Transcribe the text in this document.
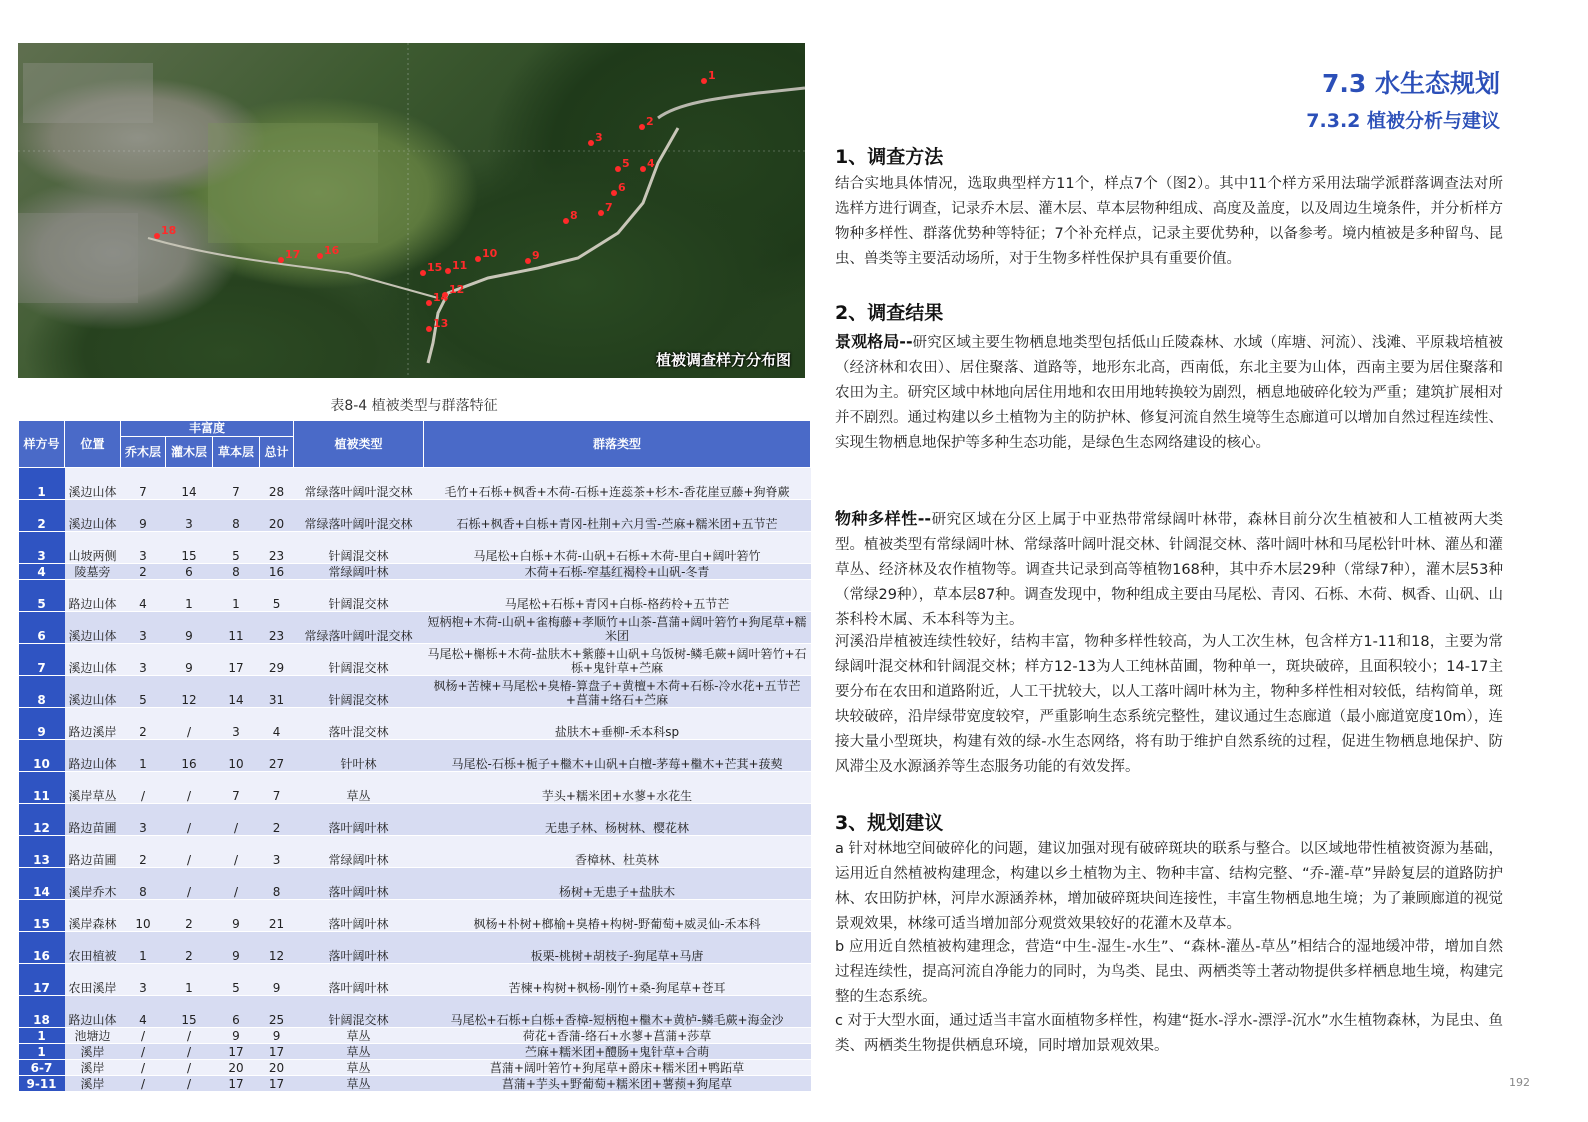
1
2
3
4
5
6
7
8
9
10
11
12
13
14
15
16
17
18
植被调查样方分布图
表8-4 植被类型与群落特征
样方号	位置	丰富度				植被类型	群落类型
		乔木层	灌木层	草本层	总计		
1	溪边山体	7	14	7	28	常绿落叶阔叶混交林	毛竹+石栎+枫香+木荷-石栎+连蕊茶+杉木-香花崖豆藤+狗脊蕨
2	溪边山体	9	3	8	20	常绿落叶阔叶混交林	石栎+枫香+白栎+青冈-杜荆+六月雪-苎麻+糯米团+五节芒
3	山坡两侧	3	15	5	23	针阔混交林	马尾松+白栎+木荷-山矾+石栎+木荷-里白+阔叶箬竹
4	陵墓旁	2	6	8	16	常绿阔叶林	木荷+石栎-窄基红褐柃+山矾-冬青
5	路边山体	4	1	1	5	针阔混交林	马尾松+石栎+青冈+白栎-格药柃+五节芒
6	溪边山体	3	9	11	23	常绿落叶阔叶混交林	短柄枹+木荷-山矾+雀梅藤+孝顺竹+山茶-菖蒲+阔叶箬竹+狗尾草+糯米团
7	溪边山体	3	9	17	29	针阔混交林	马尾松+槲栎+木荷-盐肤木+紫藤+山矾+乌饭树-鳞毛蕨+阔叶箬竹+石栎+鬼针草+苎麻
8	溪边山体	5	12	14	31	针阔混交林	枫杨+苦楝+马尾松+臭椿-算盘子+黄檀+木荷+石栎-冷水花+五节芒+菖蒲+络石+苎麻
9	路边溪岸	2	/	3	4	落叶混交林	盐肤木+垂柳-禾本科sp
10	路边山体	1	16	10	27	针叶林	马尾松-石栎+栀子+檵木+山矾+白檀-茅莓+檵木+芒萁+菝葜
11	溪岸草丛	/	/	7	7	草丛	芋头+糯米团+水蓼+水花生
12	路边苗圃	3	/	/	2	落叶阔叶林	无患子林、杨树林、樱花林
13	路边苗圃	2	/	/	3	常绿阔叶林	香樟林、杜英林
14	溪岸乔木	8	/	/	8	落叶阔叶林	杨树+无患子+盐肤木
15	溪岸森林	10	2	9	21	落叶阔叶林	枫杨+朴树+榔榆+臭椿+构树-野葡萄+威灵仙-禾本科
16	农田植被	1	2	9	12	落叶阔叶林	板栗-桃树+胡枝子-狗尾草+马唐
17	农田溪岸	3	1	5	9	落叶阔叶林	苦楝+构树+枫杨-刚竹+桑-狗尾草+苍耳
18	路边山体	4	15	6	25	针阔混交林	马尾松+石栎+白栎+香樟-短柄枹+檵木+黄栌-鳞毛蕨+海金沙
1	池塘边	/	/	9	9	草丛	荷花+香蒲-络石+水蓼+菖蒲+莎草
1	溪岸	/	/	17	17	草丛	苎麻+糯米团+醴肠+鬼针草+合萌
6-7	溪岸	/	/	20	20	草丛	菖蒲+阔叶箬竹+狗尾草+爵床+糯米团+鸭跖草
9-11	溪岸	/	/	17	17	草丛	菖蒲+芋头+野葡萄+糯米团+薯蓣+狗尾草
7.3 水生态规划
7.3.2 植被分析与建议
1、调查方法

结合实地具体情况，选取典型样方11个，样点7个（图2）。其中11个样方采用法瑞学派群落调查法对所选样方进行调查，记录乔木层、灌木层、草本层物种组成、高度及盖度，以及周边生境条件，并分析样方物种多样性、群落优势种等特征；7个补充样点，记录主要优势种，以备参考。境内植被是多种留鸟、昆虫、兽类等主要活动场所，对于生物多样性保护具有重要价值。

2、调查结果

景观格局--研究区域主要生物栖息地类型包括低山丘陵森林、水域（库塘、河流）、浅滩、平原栽培植被（经济林和农田）、居住聚落、道路等，地形东北高，西南低，东北主要为山体，西南主要为居住聚落和农田为主。研究区域中林地向居住用地和农田用地转换较为剧烈，栖息地破碎化较为严重；建筑扩展相对并不剧烈。通过构建以乡土植物为主的防护林、修复河流自然生境等生态廊道可以增加自然过程连续性、实现生物栖息地保护等多种生态功能，是绿色生态网络建设的核心。

物种多样性--研究区域在分区上属于中亚热带常绿阔叶林带，森林目前分次生植被和人工植被两大类型。植被类型有常绿阔叶林、常绿落叶阔叶混交林、针阔混交林、落叶阔叶林和马尾松针叶林、灌丛和灌草丛、经济林及农作植物等。调查共记录到高等植物168种，其中乔木层29种（常绿7种），灌木层53种（常绿29种），草本层87种。调查发现中，物种组成主要由马尾松、青冈、石栎、木荷、枫香、山矾、山茶科柃木属、禾本科等为主。

河溪沿岸植被连续性较好，结构丰富，物种多样性较高，为人工次生林，包含样方1-11和18，主要为常绿阔叶混交林和针阔混交林；样方12-13为人工纯林苗圃，物种单一，斑块破碎，且面积较小；14-17主要分布在农田和道路附近，人工干扰较大，以人工落叶阔叶林为主，物种多样性相对较低，结构简单，斑块较破碎，沿岸绿带宽度较窄，严重影响生态系统完整性，建议通过生态廊道（最小廊道宽度10m），连接大量小型斑块，构建有效的绿-水生态网络，将有助于维护自然系统的过程，促进生物栖息地保护、防风滞尘及水源涵养等生态服务功能的有效发挥。

3、规划建议

a 针对林地空间破碎化的问题，建议加强对现有破碎斑块的联系与整合。以区域地带性植被资源为基础，运用近自然植被构建理念，构建以乡土植物为主、物种丰富、结构完整、“乔-灌-草”异龄复层的道路防护林、农田防护林，河岸水源涵养林，增加破碎斑块间连接性，丰富生物栖息地生境；为了兼顾廊道的视觉景观效果，林缘可适当增加部分观赏效果较好的花灌木及草本。

b 应用近自然植被构建理念，营造“中生-湿生-水生”、“森林-灌丛-草丛”相结合的湿地缓冲带，增加自然过程连续性，提高河流自净能力的同时，为鸟类、昆虫、两栖类等土著动物提供多样栖息地生境，构建完整的生态系统。

c 对于大型水面，通过适当丰富水面植物多样性，构建“挺水-浮水-漂浮-沉水”水生植物森林，为昆虫、鱼类、两栖类生物提供栖息环境，同时增加景观效果。

192
